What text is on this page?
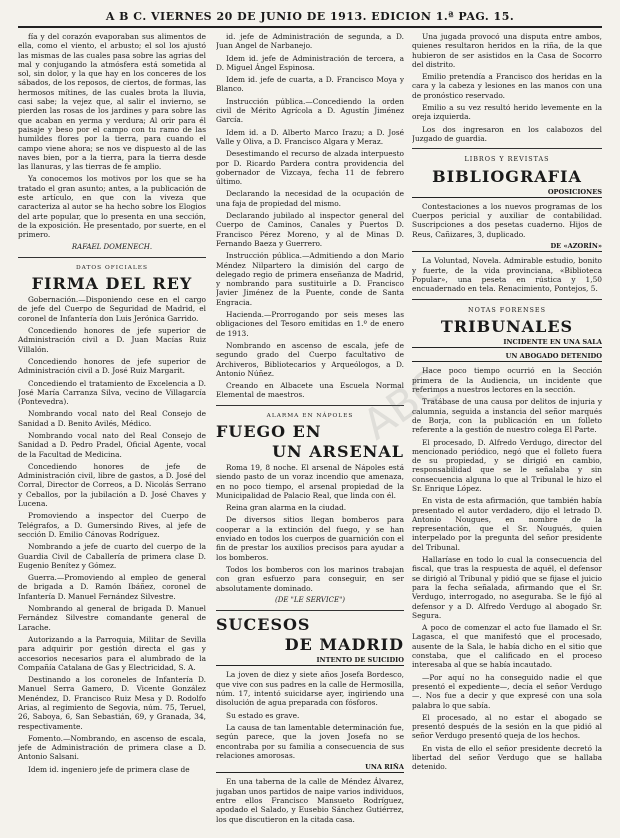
A B C. VIERNES 20 DE JUNIO DE 1913. EDICION 1.ª PAG. 15.

fía y del corazón evaporaban sus alimentos de ella, como el viento, el arbusto; el sol los ajustó las mismas de las cuales pasa sobre las agrias del mal y conjugando la atmósfera está sometida al sol, sin dolor, y la que hay en los conceres de los sábados, de los reposos, de ciertos, de formas, las hermosos mítines, de las cuales brota la lluvia, casi sabe; la vejez que, al salir el invierno, se pierden las rosas de los jardines y para sobre las que acaban en yerma y verdura; Al orir para él paisaje y beso por el campo con tu ramo de las humildes flores por la tierra, para cuando el campo viene ahora; se nos ve dispuesto al de las naves bien, por a la tierra, para la tierra desde las llanuras, y las tierras de fe amplio.

Ya conocemos los motivos por los que se ha tratado el gran asunto; antes, a la publicación de este artículo, en que con la viveza que caracteriza al autor se ha hecho sobre los Elogios del arte popular, que lo presenta en una sección, de la exposición. He presentado, por suerte, en el primero.

RAFAEL DOMENECH.
DATOS OFICIALES
FIRMA DEL REY

Gobernación.—Disponiendo cese en el cargo de jefe del Cuerpo de Seguridad de Madrid, el coronel de Infantería don Luis Jerónica Garrido.

Concediendo honores de jefe superior de Administración civil a D. Juan Macías Ruiz Villalón.

Concediendo honores de jefe superior de Administración civil a D. José Ruiz Margarit.

Concediendo el tratamiento de Excelencia a D. José María Carranza Silva, vecino de Villagarcía (Pontevedra).

Nombrando vocal nato del Real Consejo de Sanidad a D. Benito Avilés, Médico.

Nombrando vocal nato del Real Consejo de Sanidad a D. Pedro Pradel, Oficial Agente, vocal de la Facultad de Medicina.

Concediendo honores de jefe de Administración civil, libre de gastos, a D. José del Corral, Director de Correos, a D. Nicolás Serrano y Ceballos, por la jubilación a D. José Chaves y Lucena.

Promoviendo a inspector del Cuerpo de Telégrafos, a D. Gumersindo Rives, al jefe de sección D. Emilio Cánovas Rodríguez.

Nombrando a jefe de cuarto del cuerpo de la Guardia Civil de Caballería de primera clase D. Eugenio Benítez y Gómez.

Guerra.—Promoviendo al empleo de general de brigada a D. Ramón Ibáñez, coronel de Infantería D. Manuel Fernández Silvestre.

Nombrando al general de brigada D. Manuel Fernández Silvestre comandante general de Larache.

Autorizando a la Parroquia, Militar de Sevilla para adquirir por gestión directa el gas y accesorios necesarios para el alumbrado de la Compañía Catalana de Gas y Electricidad, S. A.

Destinando a los coroneles de Infantería D. Manuel Serra Gamero, D. Vicente González Menéndez, D. Francisco Ruiz Mesa y D. Rodolfo Arias, al regimiento de Segovia, núm. 75, Teruel, 26, Saboya, 6, San Sebastián, 69, y Granada, 34, respectivamente.

Fomento.—Nombrando, en ascenso de escala, jefe de Administración de primera clase a D. Antonio Salsani.

Idem id. ingeniero jefe de primera clase de

id. jefe de Administración de segunda, a D. Juan Angel de Narbanejo.

Idem id. jefe de Administración de tercera, a D. Miguel Ángel Espinosa.

Idem id. jefe de cuarta, a D. Francisco Moya y Blanco.

Instrucción pública.—Concediendo la orden civil de Mérito Agrícola a D. Agustín Jiménez García.

Idem id. a D. Alberto Marco Irazu; a D. José Valle y Oliva, a D. Francisco Algara y Meraz.

Desestimando el recurso de alzada interpuesto por D. Ricardo Pardera contra providencia del gobernador de Vizcaya, fecha 11 de febrero último.

Declarando la necesidad de la ocupación de una faja de propiedad del mismo.

Declarando jubilado al inspector general del Cuerpo de Caminos, Canales y Puertos D. Francisco Pérez Moreno, y al de Minas D. Fernando Baeza y Guerrero.

Instrucción pública.—Admitiendo a don Mario Méndez Nilpartero la dimisión del cargo de delegado regio de primera enseñanza de Madrid, y nombrando para sustituirle a D. Francisco Javier Jiménez de la Puente, conde de Santa Engracia.

Hacienda.—Prorrogando por seis meses las obligaciones del Tesoro emitidas en 1.º de enero de 1913.

Nombrando en ascenso de escala, jefe de segundo grado del Cuerpo facultativo de Archiveros, Bibliotecarios y Arqueólogos, a D. Antonio Núñez.

Creando en Albacete una Escuela Normal Elemental de maestros.

ALARMA EN NÁPOLES
FUEGO EN
UN ARSENAL

Roma 19, 8 noche. El arsenal de Nápoles está siendo pasto de un voraz incendio que amenaza, en no poco tiempo, el arsenal propiedad de la Municipalidad de Palacio Real, que linda con él.

Reina gran alarma en la ciudad.

De diversos sitios llegan bomberos para cooperar a la extinción del fuego, y se han enviado en todos los cuerpos de guarnición con el fin de prestar los auxilios precisos para ayudar a los bomberos.

Todos los bomberos con los marinos trabajan con gran esfuerzo para conseguir, en ser absolutamente dominado.

(DE "LE SERVICE")
SUCESOS
DE MADRID
INTENTO DE SUICIDIO

La joven de diez y siete años Josefa Bordesco, que vive con sus padres en la calle de Hermosilla, núm. 17, intentó suicidarse ayer, ingiriendo una disolución de agua preparada con fósforos.

Su estado es grave.

La causa de tan lamentable determinación fue, según parece, que la joven Josefa no se encontraba por su familia a consecuencia de sus relaciones amorosas.

UNA RIÑA

En una taberna de la calle de Méndez Álvarez, jugaban unos partidos de naipe varios individuos, entre ellos Francisco Mansueto Rodríguez, apodado el Salado, y Eusebio Sánchez Gutiérrez, los que discutieron en la citada casa.

Una jugada provocó una disputa entre ambos, quienes resultaron heridos en la riña, de la que hubieron de ser asistidos en la Casa de Socorro del distrito.

Emilio pretendía a Francisco dos heridas en la cara y la cabeza y lesiones en las manos con una de pronóstico reservado.

Emilio a su vez resultó herido levemente en la oreja izquierda.

Los dos ingresaron en los calabozos del Juzgado de guardia.

LIBROS Y REVISTAS
BIBLIOGRAFIA
OPOSICIONES

Contestaciones a los nuevos programas de los Cuerpos pericial y auxiliar de contabilidad. Suscripciones a dos pesetas cuaderno. Hijos de Reus, Cañizares, 3, duplicado.

DE «AZORÍN»

La Voluntad, Novela. Admirable estudio, bonito y fuerte, de la vida provinciana, «Biblioteca Popular», una peseta en rústica y 1,50 encuadernado en tela. Renacimiento, Pontejos, 5.

NOTAS FORENSES
TRIBUNALES
INCIDENTE EN UNA SALA
UN ABOGADO DETENIDO

Hace poco tiempo ocurrió en la Sección primera de la Audiencia, un incidente que referimos a nuestros lectores en la sección.

Tratábase de una causa por delitos de injuria y calumnia, seguida a instancia del señor marqués de Borja, con la publicación en un folleto referente a la gestión de nuestro colega El Parte.

El procesado, D. Alfredo Verdugo, director del mencionado periódico, negó que el folleto fuera de su propiedad, y se dirigió en cambio, responsabilidad que se le señalaba y sin consecuencia alguna lo que al Tribunal le hizo el Sr. Enrique López.

En vista de esta afirmación, que también había presentado el autor verdadero, dijo el letrado D. Antonio Nougues, en nombre de la representación, que el Sr. Nougués, quien interpelado por la pregunta del señor presidente del Tribunal.

Hallaríase en todo lo cual la consecuencia del fiscal, que tras la respuesta de aquél, el defensor se dirigió al Tribunal y pidió que se fijase el juicio para la fecha señalada, afirmando que el Sr. Verdugo, interrogado, no aseguraba. Se le fijó al defensor y a D. Alfredo Verdugo al abogado Sr. Segura.

A poco de comenzar el acto fue llamado el Sr. Lagasca, el que manifestó que el procesado, ausente de la Sala, le había dicho en el sitio que constaba, que el calificado en el proceso interesaba al que se había incautado.

—Por aquí no ha conseguido nadie el que presentó el expediente—, decía el señor Verdugo—. Nos fue a decir y que expresé con una sola palabra lo que sabía.

El procesado, al no estar el abogado se presentó después de la sesión en la que pidió al señor Verdugo presentó queja de los hechos.

En vista de ello el señor presidente decretó la libertad del señor Verdugo que se hallaba detenido.

ABC
